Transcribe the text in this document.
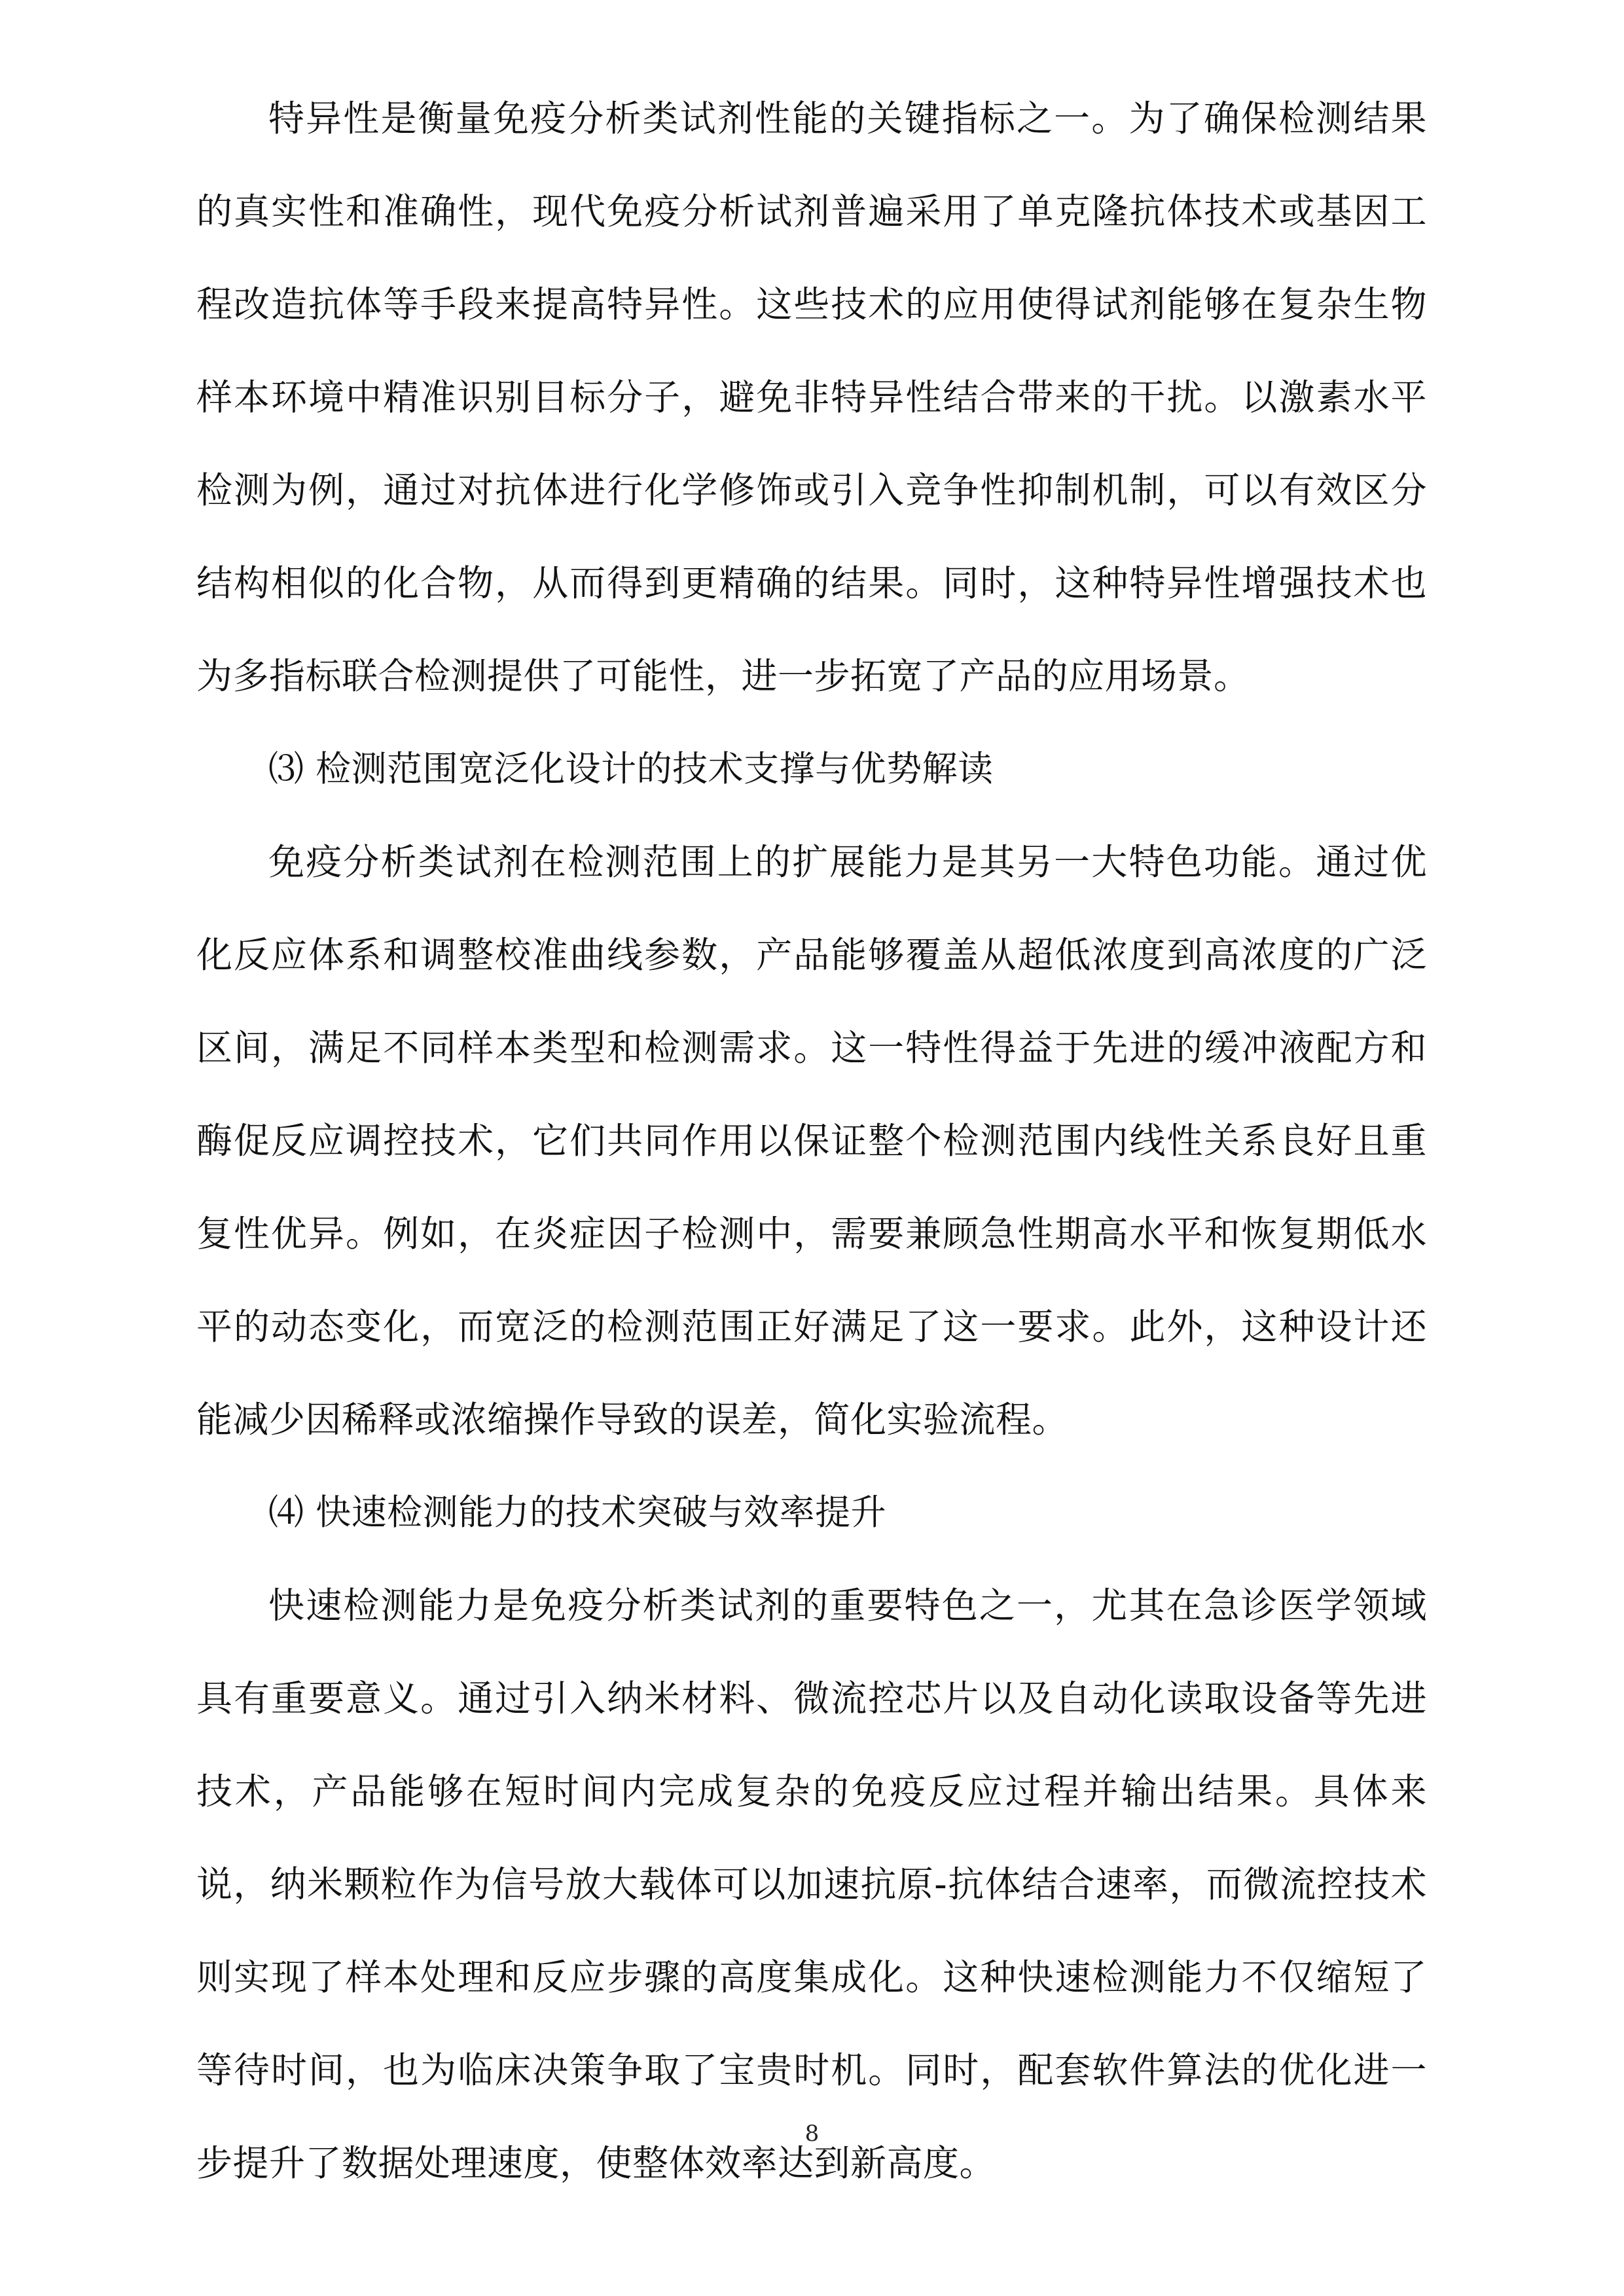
特异性是衡量免疫分析类试剂性能的关键指标之一。为了确保检测结果的真实性和准确性，现代免疫分析试剂普遍采用了单克隆抗体技术或基因工程改造抗体等手段来提高特异性。这些技术的应用使得试剂能够在复杂生物样本环境中精准识别目标分子，避免非特异性结合带来的干扰。以激素水平检测为例，通过对抗体进行化学修饰或引入竞争性抑制机制，可以有效区分结构相似的化合物，从而得到更精确的结果。同时，这种特异性增强技术也为多指标联合检测提供了可能性，进一步拓宽了产品的应用场景。

⑶ 检测范围宽泛化设计的技术支撑与优势解读

免疫分析类试剂在检测范围上的扩展能力是其另一大特色功能。通过优化反应体系和调整校准曲线参数，产品能够覆盖从超低浓度到高浓度的广泛区间，满足不同样本类型和检测需求。这一特性得益于先进的缓冲液配方和酶促反应调控技术，它们共同作用以保证整个检测范围内线性关系良好且重复性优异。例如，在炎症因子检测中，需要兼顾急性期高水平和恢复期低水平的动态变化，而宽泛的检测范围正好满足了这一要求。此外，这种设计还能减少因稀释或浓缩操作导致的误差，简化实验流程。

⑷ 快速检测能力的技术突破与效率提升

快速检测能力是免疫分析类试剂的重要特色之一，尤其在急诊医学领域具有重要意义。通过引入纳米材料、微流控芯片以及自动化读取设备等先进技术，产品能够在短时间内完成复杂的免疫反应过程并输出结果。具体来说，纳米颗粒作为信号放大载体可以加速抗原-抗体结合速率，而微流控技术则实现了样本处理和反应步骤的高度集成化。这种快速检测能力不仅缩短了等待时间，也为临床决策争取了宝贵时机。同时，配套软件算法的优化进一步提升了数据处理速度，使整体效率达到新高度。

8
